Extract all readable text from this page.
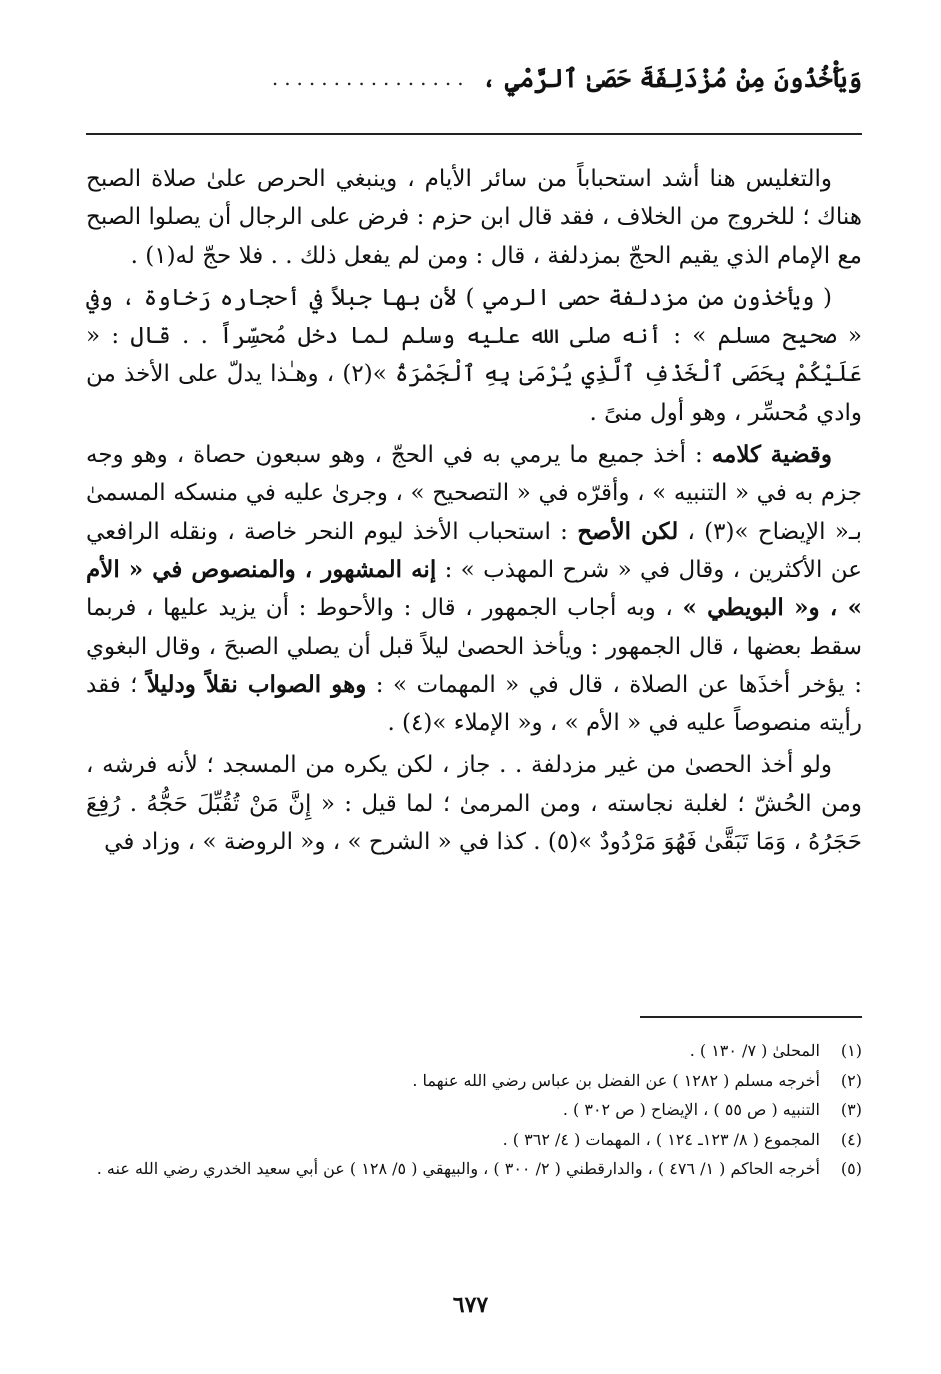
وَيَأْخُذُونَ مِنْ مُزْدَلِفَةَ حَصَىٰ ٱلرَّمْيِ ،
................

والتغليس هنا أشد استحباباً من سائر الأيام ، وينبغي الحرص علىٰ صلاة الصبح هناك ؛ للخروج من الخلاف ، فقد قال ابن حزم : فرض على الرجال أن يصلوا الصبح مع الإمام الذي يقيم الحجّ بمزدلفة ، قال : ومن لم يفعل ذلك . . فلا حجّ له(١) .

( ويأخذون من مزدلفة حصى الرمي ) لأن بها جبلاً في أحجاره رَخاوة ، وفي « صحيح مسلم » : أنه صلى الله عليه وسلم لما دخل مُحسِّراً . . قال : « عَلَيْكُمْ بِحَصَى ٱلْخَذْفِ ٱلَّذِي يُرْمَىٰ بِهِ ٱلْجَمْرَةُ »(٢) ، وهـٰذا يدلّ على الأخذ من وادي مُحسِّر ، وهو أول منىً .

وقضية كلامه : أخذ جميع ما يرمي به في الحجّ ، وهو سبعون حصاة ، وهو وجه جزم به في « التنبيه » ، وأقرّه في « التصحيح » ، وجرىٰ عليه في منسكه المسمىٰ بـ« الإيضاح »(٣) ، لكن الأصح : استحباب الأخذ ليوم النحر خاصة ، ونقله الرافعي عن الأكثرين ، وقال في « شرح المهذب » : إنه المشهور ، والمنصوص في « الأم » ، و« البويطي » ، وبه أجاب الجمهور ، قال : والأحوط : أن يزيد عليها ، فربما سقط بعضها ، قال الجمهور : ويأخذ الحصىٰ ليلاً قبل أن يصلي الصبحَ ، وقال البغوي : يؤخر أخذَها عن الصلاة ، قال في « المهمات » : وهو الصواب نقلاً ودليلاً ؛ فقد رأيته منصوصاً عليه في « الأم » ، و« الإملاء »(٤) .

ولو أخذ الحصىٰ من غير مزدلفة . . جاز ، لكن يكره من المسجد ؛ لأنه فرشه ، ومن الحُشّ ؛ لغلبة نجاسته ، ومن المرمىٰ ؛ لما قيل : « إِنَّ مَنْ تُقُبِّلَ حَجُّهُ . رُفِعَ حَجَرُهُ ، وَمَا تَبَقَّىٰ فَهُوَ مَرْدُودٌ »(٥) . كذا في « الشرح » ، و« الروضة » ، وزاد في

(١)
المحلىٰ ( ٧/ ١٣٠ ) .
(٢)
أخرجه مسلم ( ١٢٨٢ ) عن الفضل بن عباس رضي الله عنهما .
(٣)
التنبيه ( ص ٥٥ ) ، الإيضاح ( ص ٣٠٢ ) .
(٤)
المجموع ( ٨/ ١٢٣ـ ١٢٤ ) ، المهمات ( ٤/ ٣٦٢ ) .
(٥)
أخرجه الحاكم ( ١/ ٤٧٦ ) ، والدارقطني ( ٢/ ٣٠٠ ) ، والبيهقي ( ٥/ ١٢٨ ) عن أبي سعيد الخدري رضي الله عنه .
٦٧٧
